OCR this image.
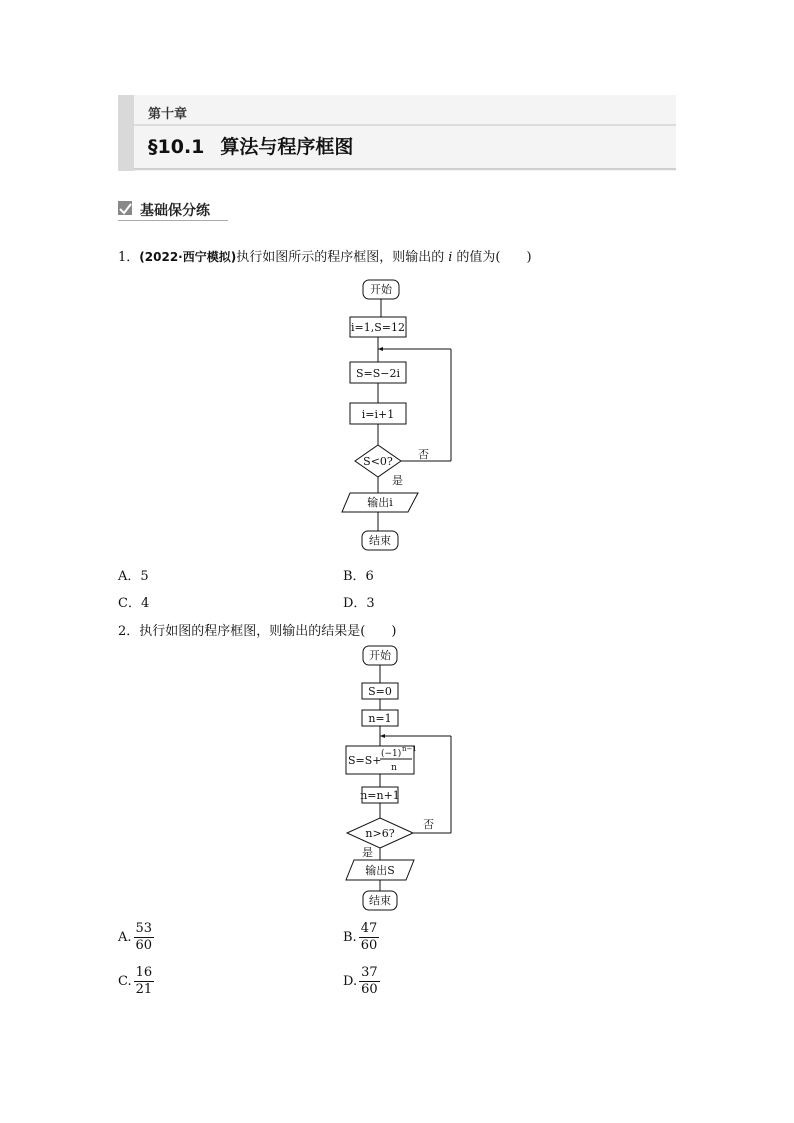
第十章
§10.1 算法与程序框图
基础保分练
1．(2022·西宁模拟)执行如图所示的程序框图，则输出的 i 的值为(　　)
开始
i=1,S=12
S=S−2i
i=i+1
S<0?
否
是
输出i
结束
A．5	B．6
C．4	D．3
2．执行如图的程序框图，则输出的结果是(　　)
开始
S=0
n=1
S=S+ (−1) n−1
n
n=n+1
n>6?
否
是
输出S
结束
A. $\frac{53}{60}$	B. $\frac{47}{60}$
C. $\frac{16}{21}$	D. $\frac{37}{60}$
